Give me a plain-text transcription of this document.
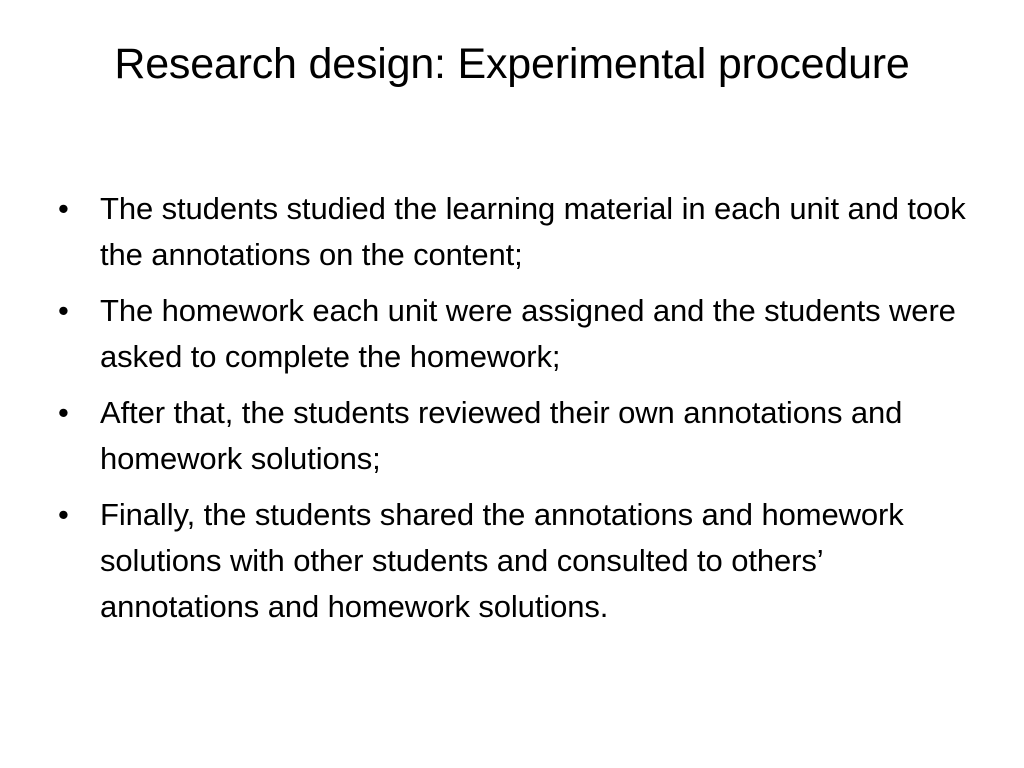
Research design: Experimental procedure
• The students studied the learning material in each unit and took the annotations on the content;
• The homework each unit were assigned and the students were asked to complete the homework;
• After that, the students reviewed their own annotations and homework solutions;
• Finally, the students shared the annotations and homework solutions with other students and consulted to others’ annotations and homework solutions.
